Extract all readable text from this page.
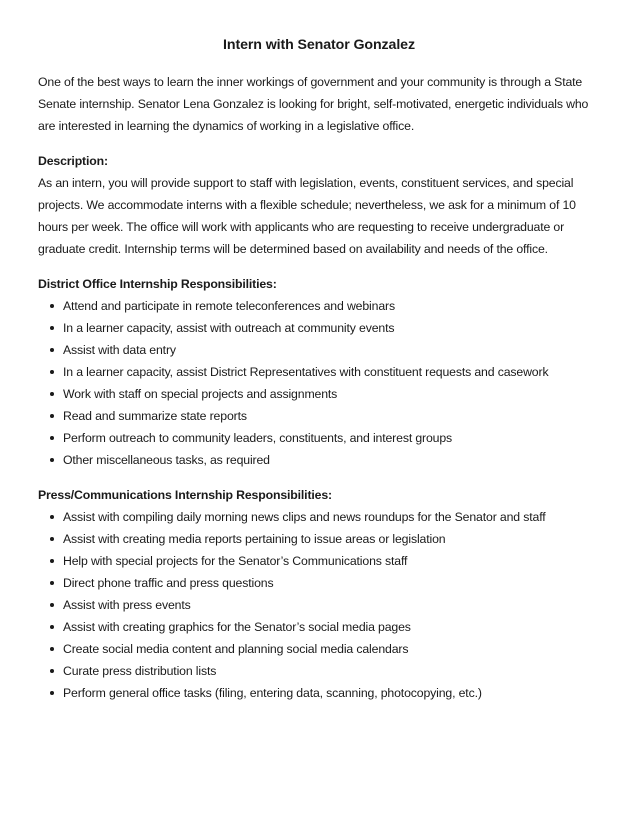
Intern with Senator Gonzalez

One of the best ways to learn the inner workings of government and your community is through a State Senate internship. Senator Lena Gonzalez is looking for bright, self-motivated, energetic individuals who are interested in learning the dynamics of working in a legislative office.

Description:

As an intern, you will provide support to staff with legislation, events, constituent services, and special projects. We accommodate interns with a flexible schedule; nevertheless, we ask for a minimum of 10 hours per week. The office will work with applicants who are requesting to receive undergraduate or graduate credit. Internship terms will be determined based on availability and needs of the office.

District Office Internship Responsibilities:
Attend and participate in remote teleconferences and webinars
In a learner capacity, assist with outreach at community events
Assist with data entry
In a learner capacity, assist District Representatives with constituent requests and casework
Work with staff on special projects and assignments
Read and summarize state reports
Perform outreach to community leaders, constituents, and interest groups
Other miscellaneous tasks, as required
Press/Communications Internship Responsibilities:
Assist with compiling daily morning news clips and news roundups for the Senator and staff
Assist with creating media reports pertaining to issue areas or legislation
Help with special projects for the Senator’s Communications staff
Direct phone traffic and press questions
Assist with press events
Assist with creating graphics for the Senator’s social media pages
Create social media content and planning social media calendars
Curate press distribution lists
Perform general office tasks (filing, entering data, scanning, photocopying, etc.)
